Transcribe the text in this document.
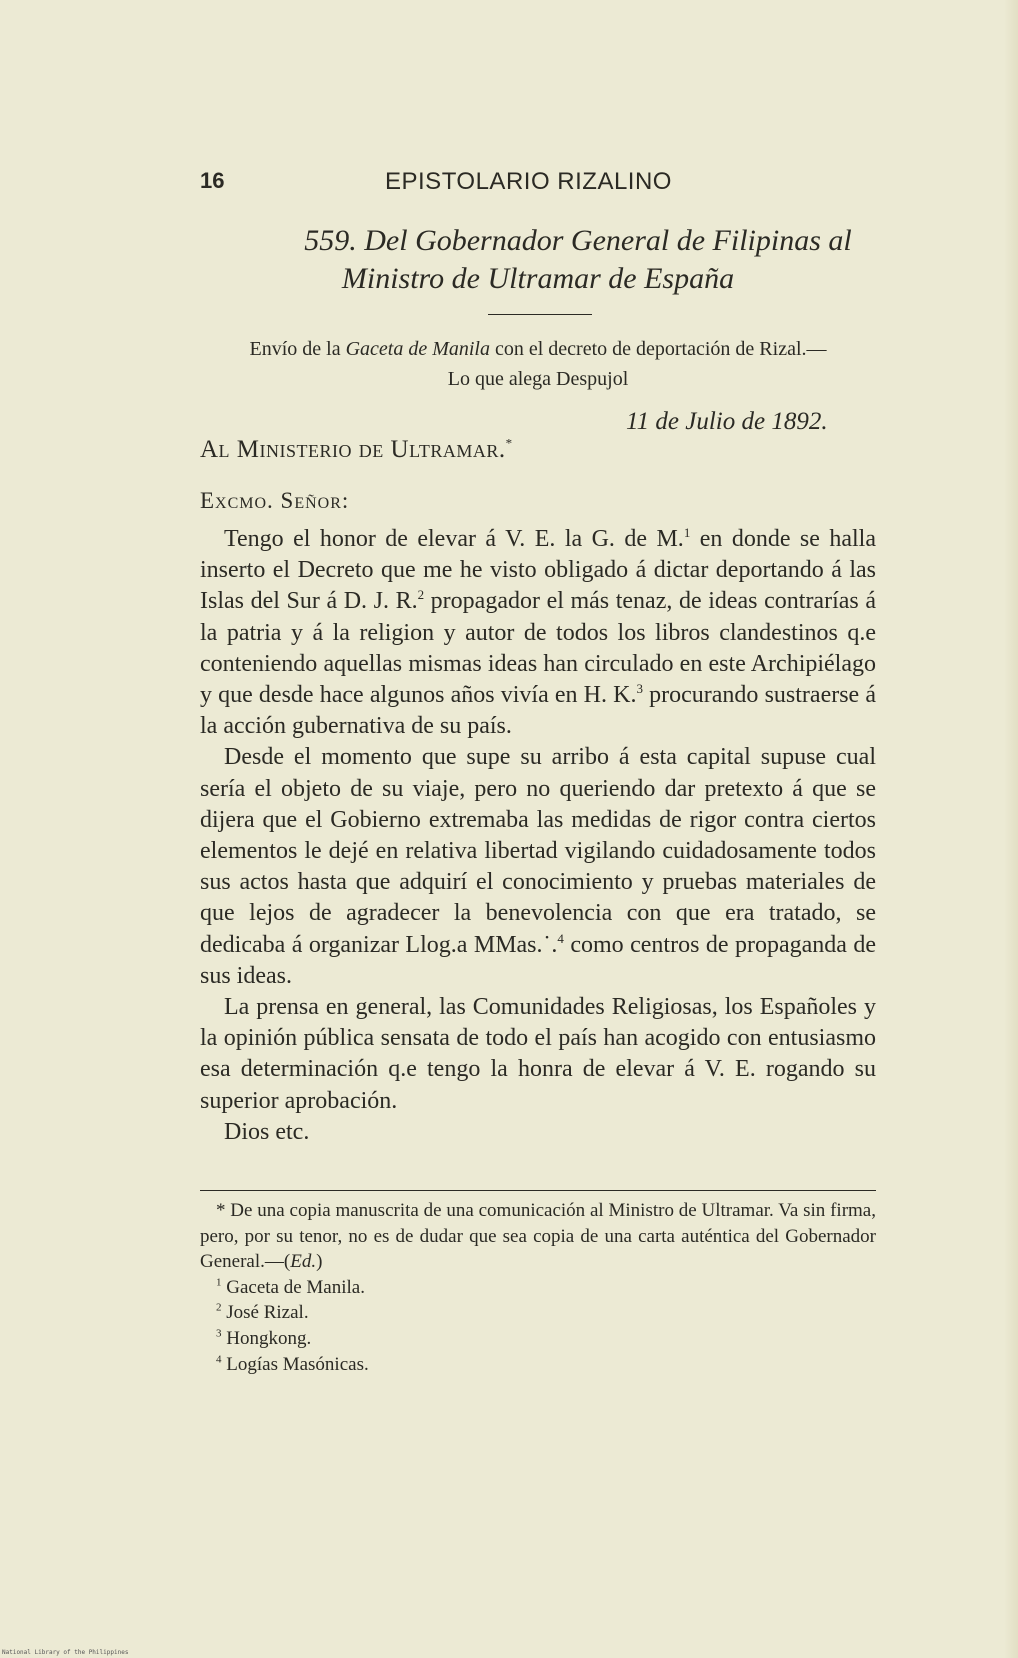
16	EPISTOLARIO RIZALINO
559. Del Gobernador General de Filipinas al
Ministro de Ultramar de España
Envío de la Gaceta de Manila con el decreto de deportación de Rizal.—
Lo que alega Despujol
11 de Julio de 1892.
Al Ministerio de Ultramar.*
Excmo. Señor:

Tengo el honor de elevar á V. E. la G. de M.$^1$ en donde se halla inserto el Decreto que me he visto obligado á dictar deportando á las Islas del Sur á D. J. R.$^2$ propagador el más tenaz, de ideas contrarías á la patria y á la religion y autor de todos los libros clandestinos q.e conteniendo aquellas mismas ideas han circulado en este Archipiélago y que desde hace algunos años vivía en H. K.$^3$ procurando sustraerse á la acción gubernativa de su país.

Desde el momento que supe su arribo á esta capital supuse cual sería el objeto de su viaje, pero no queriendo dar pretexto á que se dijera que el Gobierno extremaba las medidas de rigor contra ciertos elementos le dejé en relativa libertad vigilando cuidadosamente todos sus actos hasta que adquirí el conocimiento y pruebas materiales de que lejos de agradecer la benevolencia con que era tratado, se dedicaba á organizar Llog.a MMas.˙.$^4$ como centros de propaganda de sus ideas.

La prensa en general, las Comunidades Religiosas, los Españoles y la opinión pública sensata de todo el país han acogido con entusiasmo esa determinación q.e tengo la honra de elevar á V. E. rogando su superior aprobación.

Dios etc.

* De una copia manuscrita de una comunicación al Ministro de Ultramar. Va sin firma, pero, por su tenor, no es de dudar que sea copia de una carta auténtica del Gobernador General.—(Ed.)
$^1$ Gaceta de Manila.
$^2$ José Rizal.
$^3$ Hongkong.
$^4$ Logías Masónicas.
National Library of the Philippines
